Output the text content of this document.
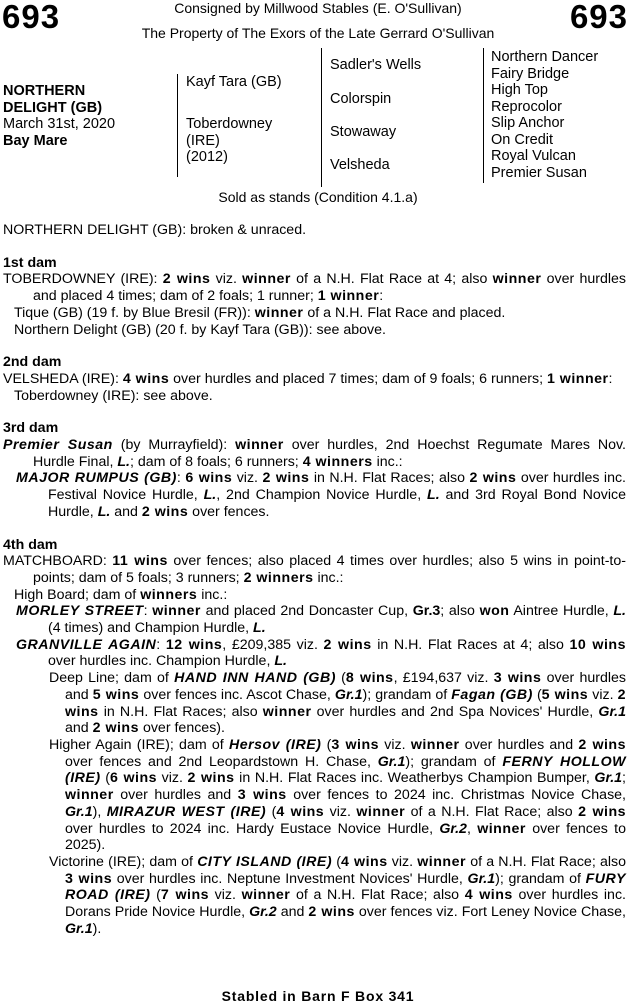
693	693
Consigned by Millwood Stables (E. O'Sullivan)
The Property of The Exors of the Late Gerrard O'Sullivan
NORTHERN
DELIGHT (GB)
March 31st, 2020
Bay Mare
Kayf Tara (GB)
Toberdowney
(IRE)
(2012)
Sadler's Wells
Colorspin
Stowaway
Velsheda
Northern Dancer
Fairy Bridge
High Top
Reprocolor
Slip Anchor
On Credit
Royal Vulcan
Premier Susan
Sold as stands (Condition 4.1.a)

NORTHERN DELIGHT (GB): broken & unraced.

1st dam

TOBERDOWNEY (IRE): 2 wins viz. winner of a N.H. Flat Race at 4; also winner over hurdles and placed 4 times; dam of 2 foals; 1 runner; 1 winner:

Tique (GB) (19 f. by Blue Bresil (FR)): winner of a N.H. Flat Race and placed.

Northern Delight (GB) (20 f. by Kayf Tara (GB)): see above.

2nd dam

VELSHEDA (IRE): 4 wins over hurdles and placed 7 times; dam of 9 foals; 6 runners; 1 winner:

Toberdowney (IRE): see above.

3rd dam

Premier Susan (by Murrayfield): winner over hurdles, 2nd Hoechst Regumate Mares Nov. Hurdle Final, L.; dam of 8 foals; 6 runners; 4 winners inc.:

MAJOR RUMPUS (GB): 6 wins viz. 2 wins in N.H. Flat Races; also 2 wins over hurdles inc. Festival Novice Hurdle, L., 2nd Champion Novice Hurdle, L. and 3rd Royal Bond Novice Hurdle, L. and 2 wins over fences.

4th dam

MATCHBOARD: 11 wins over fences; also placed 4 times over hurdles; also 5 wins in point-to-points; dam of 5 foals; 3 runners; 2 winners inc.:

High Board; dam of winners inc.:

MORLEY STREET: winner and placed 2nd Doncaster Cup, Gr.3; also won Aintree Hurdle, L. (4 times) and Champion Hurdle, L.

GRANVILLE AGAIN: 12 wins, £209,385 viz. 2 wins in N.H. Flat Races at 4; also 10 wins over hurdles inc. Champion Hurdle, L.

Deep Line; dam of HAND INN HAND (GB) (8 wins, £194,637 viz. 3 wins over hurdles and 5 wins over fences inc. Ascot Chase, Gr.1); grandam of Fagan (GB) (5 wins viz. 2 wins in N.H. Flat Races; also winner over hurdles and 2nd Spa Novices' Hurdle, Gr.1 and 2 wins over fences).

Higher Again (IRE); dam of Hersov (IRE) (3 wins viz. winner over hurdles and 2 wins over fences and 2nd Leopardstown H. Chase, Gr.1); grandam of FERNY HOLLOW (IRE) (6 wins viz. 2 wins in N.H. Flat Races inc. Weatherbys Champion Bumper, Gr.1; winner over hurdles and 3 wins over fences to 2024 inc. Christmas Novice Chase, Gr.1), MIRAZUR WEST (IRE) (4 wins viz. winner of a N.H. Flat Race; also 2 wins over hurdles to 2024 inc. Hardy Eustace Novice Hurdle, Gr.2, winner over fences to 2025).

Victorine (IRE); dam of CITY ISLAND (IRE) (4 wins viz. winner of a N.H. Flat Race; also 3 wins over hurdles inc. Neptune Investment Novices' Hurdle, Gr.1); grandam of FURY ROAD (IRE) (7 wins viz. winner of a N.H. Flat Race; also 4 wins over hurdles inc. Dorans Pride Novice Hurdle, Gr.2 and 2 wins over fences viz. Fort Leney Novice Chase, Gr.1).

Stabled in Barn F Box 341
